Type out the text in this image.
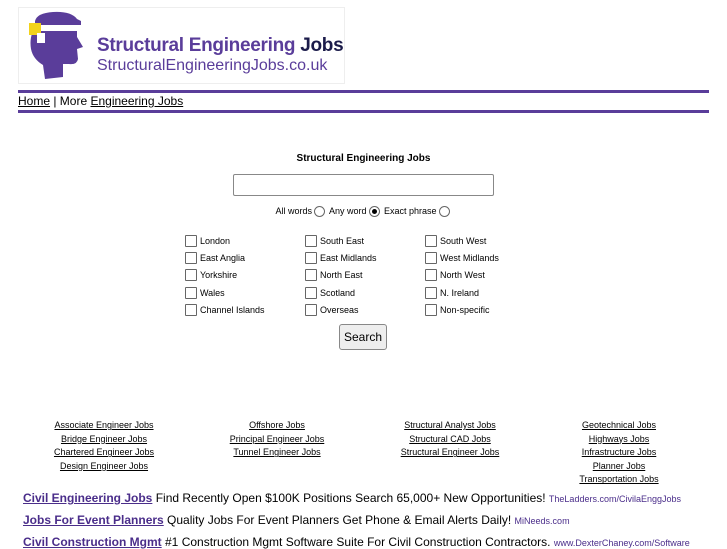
Structural Engineering Jobs
StructuralEngineeringJobs.co.uk
Home | More Engineering Jobs
Structural Engineering Jobs
All words Any word Exact phrase
London	South East	South West
East Anglia	East Midlands	West Midlands
Yorkshire	North East	North West
Wales	Scotland	N. Ireland
Channel Islands	Overseas	Non-specific
Search
Associate Engineer Jobs
Bridge Engineer Jobs
Chartered Engineer Jobs
Design Engineer Jobs
Offshore Jobs
Principal Engineer Jobs
Tunnel Engineer Jobs
Structural Analyst Jobs
Structural CAD Jobs
Structural Engineer Jobs
Geotechnical Jobs
Highways Jobs
Infrastructure Jobs
Planner Jobs
Transportation Jobs
Civil Engineering Jobs Find Recently Open $100K Positions Search 65,000+ New Opportunities! TheLadders.com/CivilaEnggJobs
Jobs For Event Planners Quality Jobs For Event Planners Get Phone & Email Alerts Daily! MiNeeds.com
Civil Construction Mgmt #1 Construction Mgmt Software Suite For Civil Construction Contractors. www.DexterChaney.com/Software
